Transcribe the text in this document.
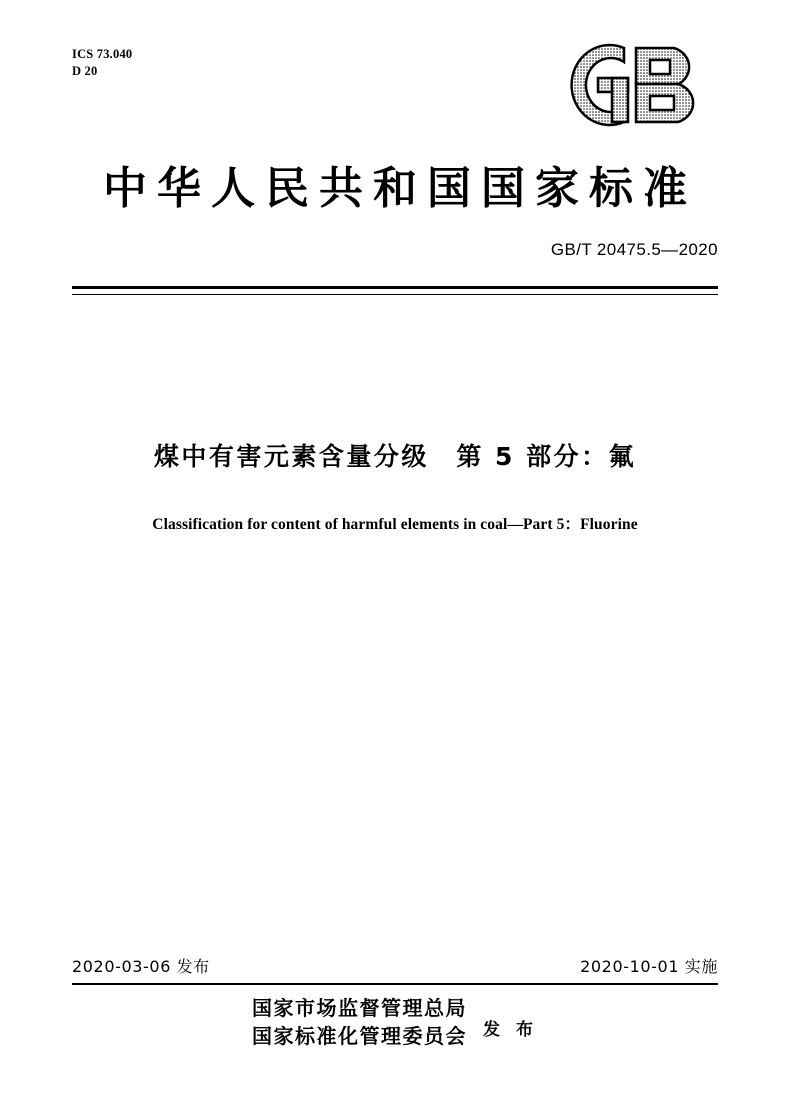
ICS 73.040
D 20
中华人民共和国国家标准
GB/T 20475.5—2020
煤中有害元素含量分级　第 5 部分：氟
Classification for content of harmful elements in coal—Part 5：Fluorine
2020-03-06 发布	2020-10-01 实施
国家市场监督管理总局
国家标准化管理委员会 发 布
